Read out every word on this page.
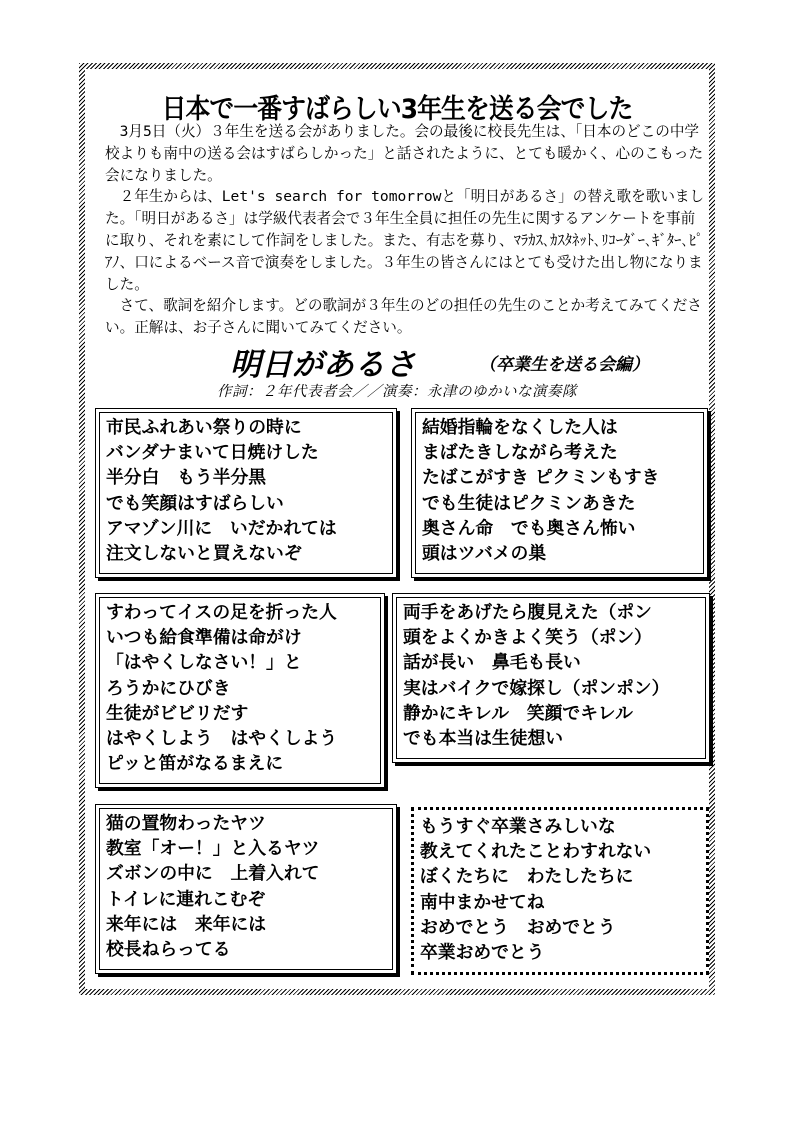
日本で一番すばらしい3年生を送る会でした

3月5日（火）３年生を送る会がありました。会の最後に校長先生は、「日本のどこの中学校よりも南中の送る会はすばらしかった」と話されたように、とても暖かく、心のこもった会になりました。

２年生からは、Let's search for tomorrowと「明日があるさ」の替え歌を歌いました。「明日があるさ」は学級代表者会で３年生全員に担任の先生に関するアンケートを事前に取り、それを素にして作詞をしました。また、有志を募り、ﾏﾗｶｽ､ｶｽﾀﾈｯﾄ､ﾘｺｰﾀﾞｰ､ｷﾞﾀｰ､ﾋﾟｱﾉ、口によるベース音で演奏をしました。３年生の皆さんにはとても受けた出し物になりました。

さて、歌詞を紹介します。どの歌詞が３年生のどの担任の先生のことか考えてみてください。正解は、お子さんに聞いてみてください。

明日があるさ	（卒業生を送る会編）
作詞：２年代表者会／／演奏：永津のゆかいな演奏隊
市民ふれあい祭りの時に
バンダナまいて日焼けした
半分白　もう半分黒
でも笑顔はすばらしい
アマゾン川に　いだかれては
注文しないと買えないぞ
結婚指輪をなくした人は
まばたきしながら考えた
たばこがすき ピクミンもすき
でも生徒はピクミンあきた
奥さん命　でも奥さん怖い
頭はツバメの巣
すわってイスの足を折った人
いつも給食準備は命がけ
「はやくしなさい！」と
ろうかにひびき
生徒がビビリだす
はやくしよう　はやくしよう
ピッと笛がなるまえに
両手をあげたら腹見えた（ポン
頭をよくかきよく笑う（ポン）
話が長い　鼻毛も長い
実はバイクで嫁探し（ポンポン）
静かにキレル　笑顔でキレル
でも本当は生徒想い
猫の置物わったヤツ
教室「オー！」と入るヤツ
ズボンの中に　上着入れて
トイレに連れこむぞ
来年には　来年には
校長ねらってる
もうすぐ卒業さみしいな
教えてくれたことわすれない
ぼくたちに　わたしたちに
南中まかせてね
おめでとう　おめでとう
卒業おめでとう
